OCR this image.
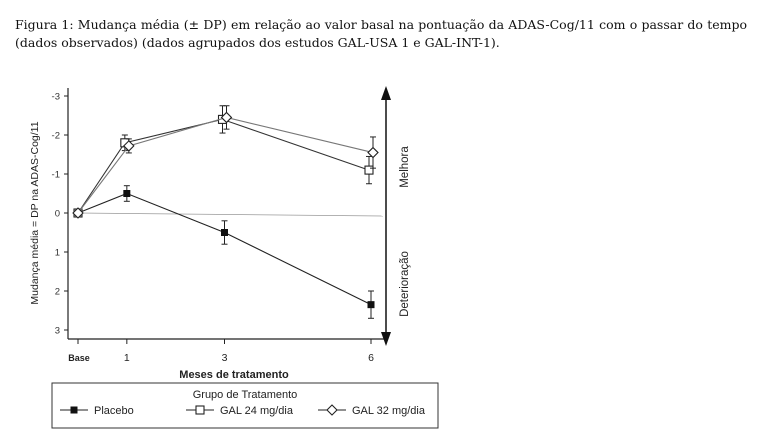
Figura 1: Mudança média (± DP) em relação ao valor basal na pontuação da ADAS-Cog/11 com o passar do tempo (dados observados) (dados agrupados dos estudos GAL-USA 1 e GAL-INT-1).
-3
-2
-1
0
1
2
3
Base	1	3	6
Mudança média = DP na ADAS-Cog/11
Meses de tratamento
Melhora
Deterioração
Grupo de Tratamento
Placebo	GAL 24 mg/dia	GAL 32 mg/dia
